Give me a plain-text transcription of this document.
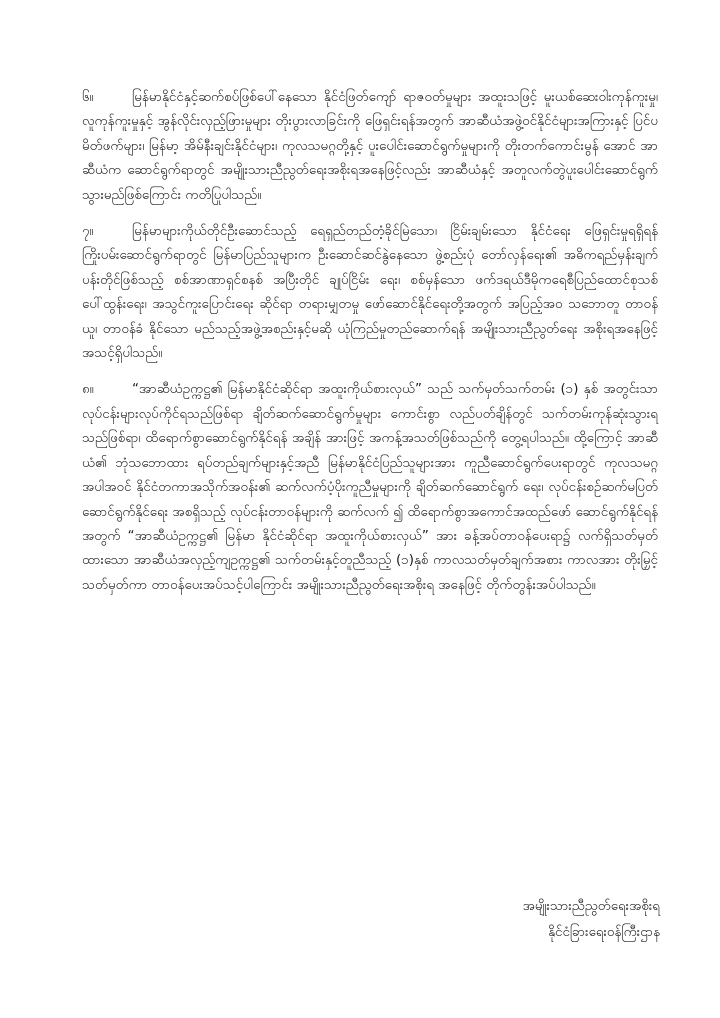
၆။	မြန်မာနိုင်ငံနှင့်ဆက်စပ်ဖြစ်ပေါ်နေသော နိုင်ငံဖြတ်ကျော် ရာဇဝတ်မှုများ အထူးသဖြင့် မူးယစ်ဆေးဝါးကုန်ကူးမှု၊ လူကုန်ကူးမှုနှင့် အွန်လိုင်းလှည့်ဖြားမှုများ တိုးပွားလာခြင်းကို ဖြေရှင်းရန်အတွက် အာဆီယံအဖွဲ့ဝင်နိုင်ငံများအကြားနှင့် ပြင်ပမိတ်ဖက်များ၊ မြန်မာ့ အိမ်နီးချင်းနိုင်ငံများ၊ ကုလသမဂ္ဂတို့နှင့် ပူးပေါင်းဆောင်ရွက်မှုများကို တိုးတက်ကောင်းမွန် အောင် အာဆီယံက ဆောင်ရွက်ရာတွင် အမျိုးသားညီညွတ်ရေးအစိုးရအနေဖြင့်လည်း အာဆီယံနှင့် အတူလက်တွဲပူးပေါင်းဆောင်ရွက်သွားမည်ဖြစ်ကြောင်း ကတိပြုပါသည်။

၇။	မြန်မာများကိုယ်တိုင်ဦးဆောင်သည့် ရေရှည်တည်တံ့ခိုင်မြဲသော၊ ငြိမ်းချမ်းသော နိုင်ငံရေး ဖြေရှင်းမှုရရှိရန် ကြိုးပမ်းဆောင်ရွက်ရာတွင် မြန်မာပြည်သူများက ဦးဆောင်ဆင်နွဲနေသော ဖွဲ့စည်းပုံ တော်လှန်ရေး၏ အဓိကရည်မှန်းချက်ပန်းတိုင်ဖြစ်သည့် စစ်အာဏာရှင်စနစ် အပြီးတိုင် ချုပ်ငြိမ်း ရေး၊ စစ်မှန်သော ဖက်ဒရယ်ဒီမိုကရေစီပြည်ထောင်စုသစ်ပေါ်ထွန်းရေး၊ အသွင်ကူးပြောင်းရေး ဆိုင်ရာ တရားမျှတမှု ဖော်ဆောင်နိုင်ရေးတို့အတွက် အပြည့်အဝ သဘောတူ တာဝန်ယူ၊ တာဝန်ခံ နိုင်သော မည်သည့်အဖွဲ့အစည်းနှင့်မဆို ယုံကြည်မှုတည်ဆောက်ရန် အမျိုးသားညီညွတ်ရေး အစိုးရအနေဖြင့် အသင့်ရှိပါသည်။

၈။	“အာဆီယံဥက္ကဋ္ဌ၏ မြန်မာနိုင်ငံဆိုင်ရာ အထူးကိုယ်စားလှယ်” သည် သက်မှတ်သက်တမ်း (၁) နှစ် အတွင်းသာ လုပ်ငန်းများလုပ်ကိုင်ရသည်ဖြစ်ရာ ချိတ်ဆက်ဆောင်ရွက်မှုများ ကောင်းစွာ လည်ပတ်ချိန်တွင် သက်တမ်းကုန်ဆုံးသွားရသည်ဖြစ်ရာ၊ ထိရောက်စွာဆောင်ရွက်နိုင်ရန် အချိန် အားဖြင့် အကန့်အသတ်ဖြစ်သည်ကို တွေ့ရပါသည်။ ထို့ကြောင့် အာဆီယံ၏ ဘုံသဘောထား ရပ်တည်ချက်များနှင့်အညီ မြန်မာနိုင်ငံပြည်သူများအား ကူညီဆောင်ရွက်ပေးရာတွင် ကုလသမဂ္ဂ အပါအဝင် နိုင်ငံတကာအသိုက်အဝန်း၏ ဆက်လက်ပံ့ပိုးကူညီမှုများကို ချိတ်ဆက်ဆောင်ရွက် ရေး၊ လုပ်ငန်းစဉ်ဆက်မပြတ် ဆောင်ရွက်နိုင်ရေး အစရှိသည့် လုပ်ငန်းတာဝန်များကို ဆက်လက် ၍ ထိရောက်စွာအကောင်အထည်ဖော် ဆောင်ရွက်နိုင်ရန်အတွက် “အာဆီယံဥက္ကဋ္ဌ၏ မြန်မာ နိုင်ငံဆိုင်ရာ အထူးကိုယ်စားလှယ်” အား ခန့်အပ်တာဝန်ပေးရာ၌ လက်ရှိသတ်မှတ်ထားသော အာဆီယံအလှည့်ကျဥက္ကဋ္ဌ၏ သက်တမ်းနှင့်တူညီသည့် (၁)နှစ် ကာလသတ်မှတ်ချက်အစား ကာလအား တိုးမြှင့်သတ်မှတ်ကာ တာဝန်ပေးအပ်သင့်ပါကြောင်း အမျိုးသားညီညွတ်ရေးအစိုးရ အနေဖြင့် တိုက်တွန်းအပ်ပါသည်။

အမျိုးသားညီညွတ်ရေးအစိုးရ
နိုင်ငံခြားရေးဝန်ကြီးဌာန
